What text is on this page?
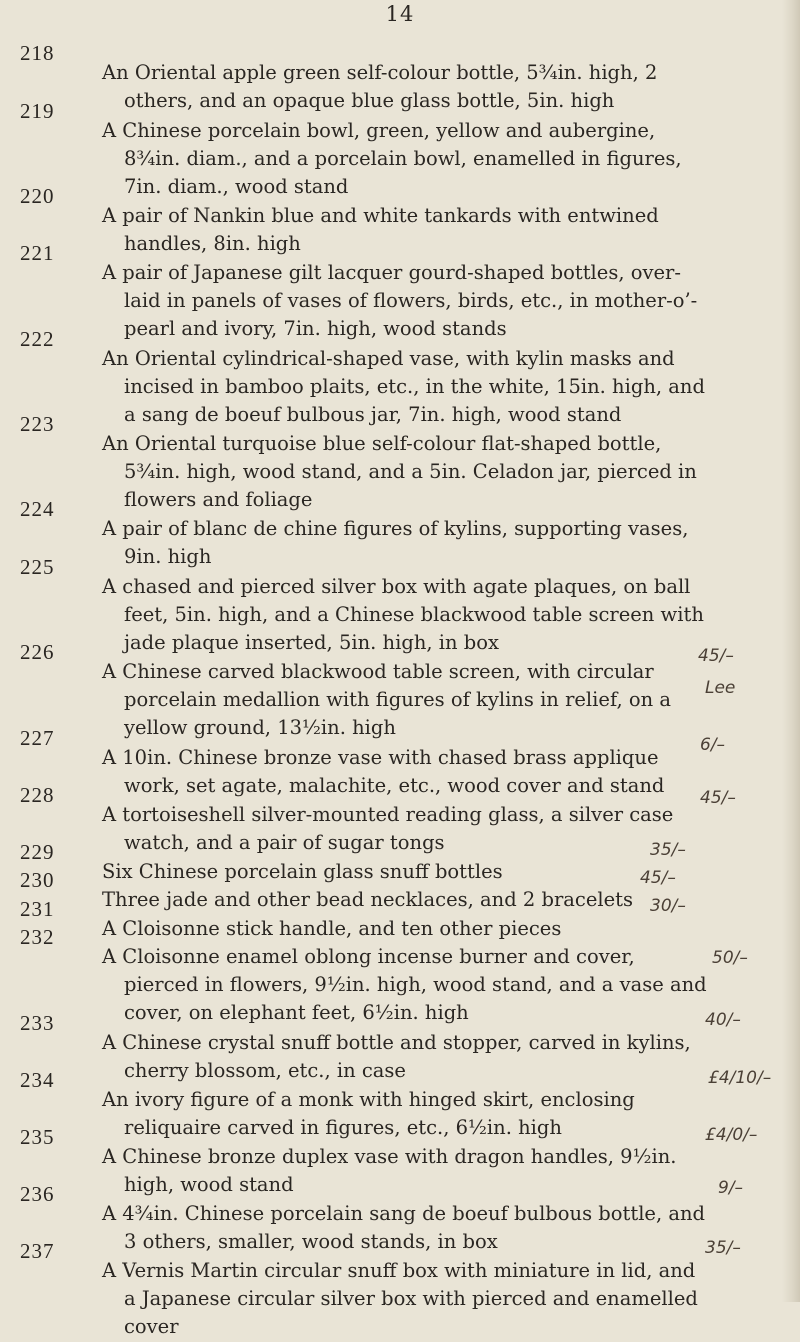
14
218

An Oriental apple green self-colour bottle, 5¾in. high, 2 others, and an opaque blue glass bottle, 5in. high

219

A Chinese porcelain bowl, green, yellow and aubergine, 8¾in. diam., and a porcelain bowl, enamelled in figures, 7in. diam., wood stand

220

A pair of Nankin blue and white tankards with entwined handles, 8in. high

221

A pair of Japanese gilt lacquer gourd-shaped bottles, over-laid in panels of vases of flowers, birds, etc., in mother-o’-pearl and ivory, 7in. high, wood stands

222

An Oriental cylindrical-shaped vase, with kylin masks and incised in bamboo plaits, etc., in the white, 15in. high, and a sang de boeuf bulbous jar, 7in. high, wood stand

223

An Oriental turquoise blue self-colour flat-shaped bottle, 5¾in. high, wood stand, and a 5in. Celadon jar, pierced in flowers and foliage

224

A pair of blanc de chine figures of kylins, supporting vases, 9in. high

225

A chased and pierced silver box with agate plaques, on ball feet, 5in. high, and a Chinese blackwood table screen with jade plaque inserted, 5in. high, in box

226

A Chinese carved blackwood table screen, with circular porcelain medallion with figures of kylins in relief, on a yellow ground, 13½in. high

227

A 10in. Chinese bronze vase with chased brass applique work, set agate, malachite, etc., wood cover and stand

228

A tortoiseshell silver-mounted reading glass, a silver case watch, and a pair of sugar tongs

229

Six Chinese porcelain glass snuff bottles

230

Three jade and other bead necklaces, and 2 bracelets

231

A Cloisonne stick handle, and ten other pieces

232

A Cloisonne enamel oblong incense burner and cover, pierced in flowers, 9½in. high, wood stand, and a vase and cover, on elephant feet, 6½in. high

233

A Chinese crystal snuff bottle and stopper, carved in kylins, cherry blossom, etc., in case

234

An ivory figure of a monk with hinged skirt, enclosing reliquaire carved in figures, etc., 6½in. high

235

A Chinese bronze duplex vase with dragon handles, 9½in. high, wood stand

236

A 4¾in. Chinese porcelain sang de boeuf bulbous bottle, and 3 others, smaller, wood stands, in box

237

A Vernis Martin circular snuff box with miniature in lid, and a Japanese circular silver box with pierced and enamelled cover

45/–
Lee
6/–
45/–
35/–
45/–
30/–
50/–
40/–
£4/10/–
£4/0/–
9/–
35/–
